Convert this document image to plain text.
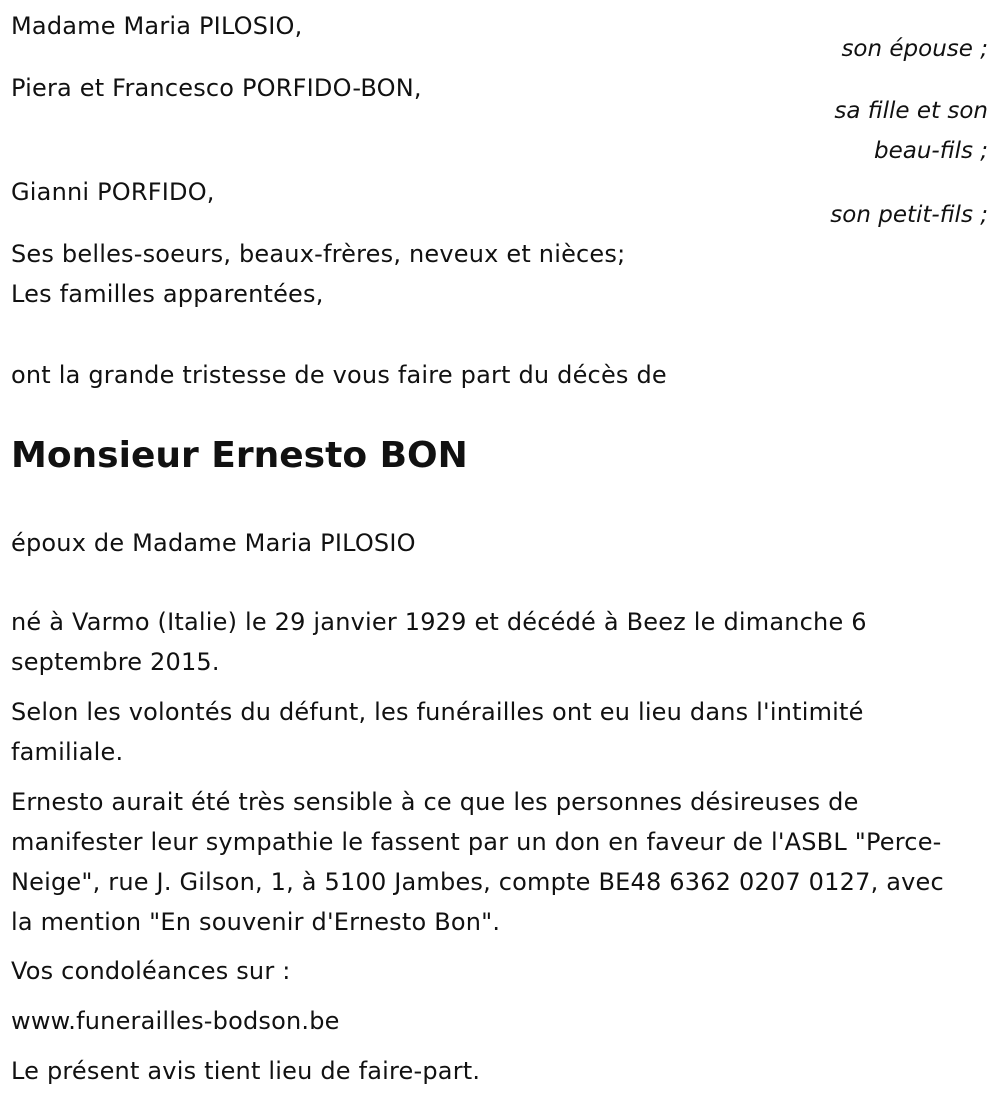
Madame Maria PILOSIO,
son épouse ;
Piera et Francesco PORFIDO-BON,
sa fille et son
beau-fils ;
Gianni PORFIDO,
son petit-fils ;
Ses belles-soeurs, beaux-frères, neveux et nièces;
Les familles apparentées,
ont la grande tristesse de vous faire part du décès de
Monsieur Ernesto BON
époux de Madame Maria PILOSIO
né à Varmo (Italie) le 29 janvier 1929 et décédé à Beez le dimanche 6 septembre 2015.
Selon les volontés du défunt, les funérailles ont eu lieu dans l'intimité familiale.
Ernesto aurait été très sensible à ce que les personnes désireuses de manifester leur sympathie le fassent par un don en faveur de l'ASBL "Perce-Neige", rue J. Gilson, 1, à 5100 Jambes, compte BE48 6362 0207 0127, avec la mention "En souvenir d'Ernesto Bon".
Vos condoléances sur :
www.funerailles-bodson.be
Le présent avis tient lieu de faire-part.
